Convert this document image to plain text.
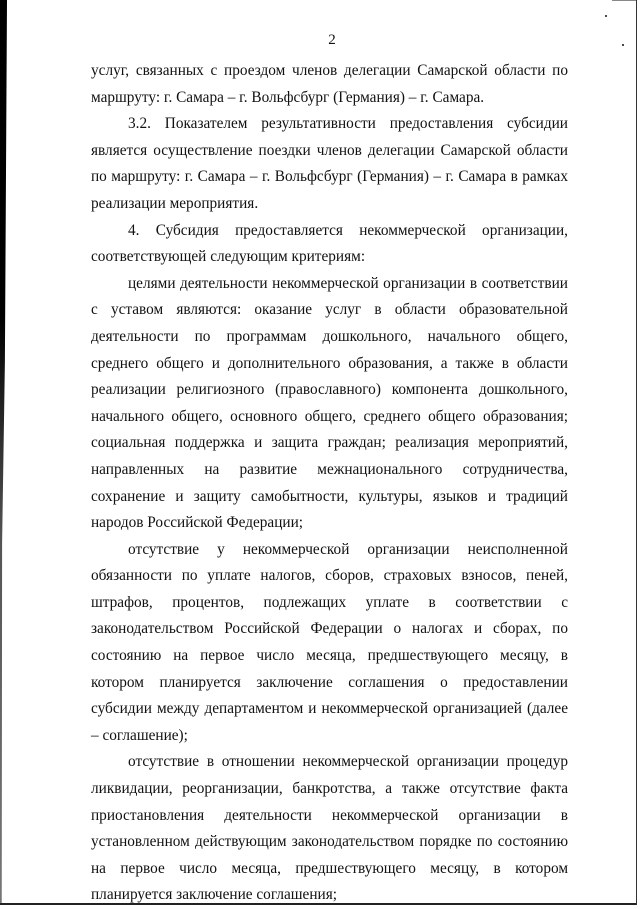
2

услуг, связанных с проездом членов делегации Самарской области по маршруту: г. Самара – г. Вольфсбург (Германия) – г. Самара.

3.2. Показателем результативности предоставления субсидии является осуществление поездки членов делегации Самарской области по маршруту: г. Самара – г. Вольфсбург (Германия) – г. Самара в рамках реализации мероприятия.

4. Субсидия предоставляется некоммерческой организации, соответствующей следующим критериям:

целями деятельности некоммерческой организации в соответствии с уставом являются: оказание услуг в области образовательной деятельности по программам дошкольного, начального общего, среднего общего и дополнительного образования, а также в области реализации религиозного (православного) компонента дошкольного, начального общего, основного общего, среднего общего образования; социальная поддержка и защита граждан; реализация мероприятий, направленных на развитие межнационального сотрудничества, сохранение и защиту самобытности, культуры, языков и традиций народов Российской Федерации;

отсутствие у некоммерческой организации неисполненной обязанности по уплате налогов, сборов, страховых взносов, пеней, штрафов, процентов, подлежащих уплате в соответствии с законодательством Российской Федерации о налогах и сборах, по состоянию на первое число месяца, предшествующего месяцу, в котором планируется заключение соглашения о предоставлении субсидии между департаментом и некоммерческой организацией (далее – соглашение);

отсутствие в отношении некоммерческой организации процедур ликвидации, реорганизации, банкротства, а также отсутствие факта приостановления деятельности некоммерческой организации в установленном действующим законодательством порядке по состоянию на первое число месяца, предшествующего месяцу, в котором планируется заключение соглашения;
